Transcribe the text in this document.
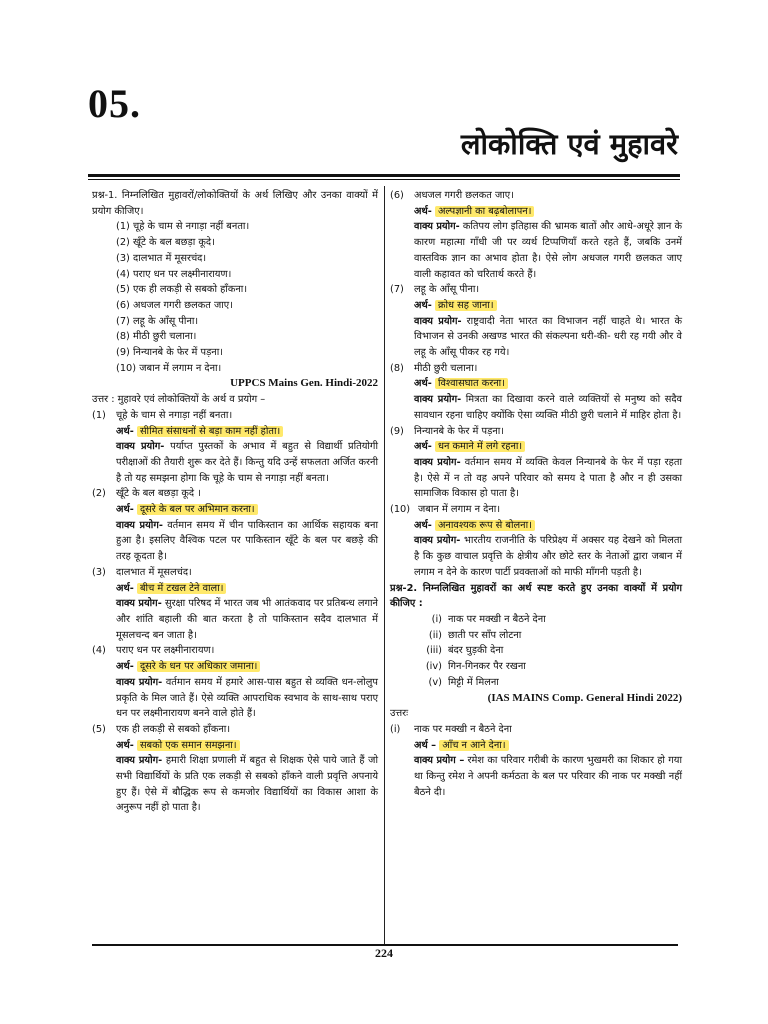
05.
लोकोक्ति एवं मुहावरे

प्रश्न-1. निम्नलिखित मुहावरों/लोकोक्तियों के अर्थ लिखिए और उनका वाक्यों में प्रयोग कीजिए।

(1) चूहे के चाम से नगाड़ा नहीं बनता।

(2) खूँटे के बल बछड़ा कूदे।

(3) दालभात में मूसरचंद।

(4) पराए धन पर लक्ष्मीनारायण।

(5) एक ही लकड़ी से सबको हाँकना।

(6) अधजल गगरी छलकत जाए।

(7) लहू के आँसू पीना।

(8) मीठी छुरी चलाना।

(9) निन्यानबे के फेर में पड़ना।

(10) जबान में लगाम न देना।

UPPCS Mains Gen. Hindi-2022

उत्तर : मुहावरे एवं लोकोक्तियों के अर्थ व प्रयोग –

(1) चूहे के चाम से नगाड़ा नहीं बनता।

अर्थ- सीमित संसाधनों से बड़ा काम नहीं होता।

वाक्य प्रयोग- पर्याप्त पुस्तकों के अभाव में बहुत से विद्यार्थी प्रतियोगी परीक्षाओं की तैयारी शुरू कर देते हैं। किन्तु यदि उन्हें सफलता अर्जित करनी है तो यह समझना होगा कि चूहे के चाम से नगाड़ा नहीं बनता।

(2) खूँटे के बल बछड़ा कूदे ।

अर्थ- दूसरे के बल पर अभिमान करना।

वाक्य प्रयोग- वर्तमान समय में चीन पाकिस्तान का आर्थिक सहायक बना हुआ है। इसलिए वैश्विक पटल पर पाकिस्तान खूँटे के बल पर बछड़े की तरह कूदता है।

(3) दालभात में मूसलचंद।

अर्थ- बीच में टखल टेने वाला।

वाक्य प्रयोग- सुरक्षा परिषद में भारत जब भी आतंकवाद पर प्रतिबन्ध लगाने और शांति बहाली की बात करता है तो पाकिस्तान सदैव दालभात में मूसलचन्द बन जाता है।

(4) पराए धन पर लक्ष्मीनारायण।

अर्थ- दूसरे के धन पर अधिकार जमाना।

वाक्य प्रयोग- वर्तमान समय में हमारे आस-पास बहुत से व्यक्ति धन-लोलुप प्रकृति के मिल जाते हैं। ऐसे व्यक्ति आपराधिक स्वभाव के साथ-साथ पराए धन पर लक्ष्मीनारायण बनने वाले होते हैं।

(5) एक ही लकड़ी से सबको हाँकना।

अर्थ- सबको एक समान समझना।

वाक्य प्रयोग- हमारी शिक्षा प्रणाली में बहुत से शिक्षक ऐसे पाये जाते हैं जो सभी विद्यार्थियों के प्रति एक लकड़ी से सबको हाँकने वाली प्रवृत्ति अपनाये हुए हैं। ऐसे में बौद्धिक रूप से कमजोर विद्यार्थियों का विकास आशा के अनुरूप नहीं हो पाता है।

(6) अधजल गगरी छलकत जाए।

अर्थ- अल्पज्ञानी का बढ़बोलापन।

वाक्य प्रयोग- कतिपय लोग इतिहास की भ्रामक बातों और आधे-अधूरे ज्ञान के कारण महात्मा गाँधी जी पर व्यर्थ टिप्पणियाँ करते रहते हैं, जबकि उनमें वास्तविक ज्ञान का अभाव होता है। ऐसे लोग अधजल गगरी छलकत जाए वाली कहावत को चरितार्थ करते हैं।

(7) लहू के आँसू पीना।

अर्थ- क्रोध सह जाना।

वाक्य प्रयोग- राष्ट्रवादी नेता भारत का विभाजन नहीं चाहते थे। भारत के विभाजन से उनकी अखण्ड भारत की संकल्पना धरी-की- धरी रह गयी और वे लहू के आँसू पीकर रह गये।

(8) मीठी छुरी चलाना।

अर्थ- विश्वासघात करना।

वाक्य प्रयोग- मित्रता का दिखावा करने वाले व्यक्तियों से मनुष्य को सदैव सावधान रहना चाहिए क्योंकि ऐसा व्यक्ति मीठी छुरी चलाने में माहिर होता है।

(9) निन्यानबे के फेर में पड़ना।

अर्थ- धन कमाने में लगे रहना।

वाक्य प्रयोग- वर्तमान समय में व्यक्ति केवल निन्यानबे के फेर में पड़ा रहता है। ऐसे में न तो वह अपने परिवार को समय दे पाता है और न ही उसका सामाजिक विकास हो पाता है।

(10) जबान में लगाम न देना।

अर्थ- अनावश्यक रूप से बोलना।

वाक्य प्रयोग- भारतीय राजनीति के परिप्रेक्ष्य में अक्सर यह देखने को मिलता है कि कुछ वाचाल प्रवृत्ति के क्षेत्रीय और छोटे स्तर के नेताओं द्वारा जबान में लगाम न देने के कारण पार्टी प्रवक्ताओं को माफी माँगनी पड़ती है।

प्रश्न-2. निम्नलिखित मुहावरों का अर्थ स्पष्ट करते हुए उनका वाक्यों में प्रयोग कीजिए :

(i) नाक पर मक्खी न बैठने देना

(ii) छाती पर साँप लोटना

(iii) बंदर घुड़की देना

(iv) गिन-गिनकर पैर रखना

(v) मिट्टी में मिलना

(IAS MAINS Comp. General Hindi 2022)

उत्तरः

(i) नाक पर मक्खी न बैठने देना

अर्थ – आँच न आने देना।

वाक्य प्रयोग – रमेश का परिवार गरीबी के कारण भुखमरी का शिकार हो गया था किन्तु रमेश ने अपनी कर्मठता के बल पर परिवार की नाक पर मक्खी नहीं बैठने दी।

224
